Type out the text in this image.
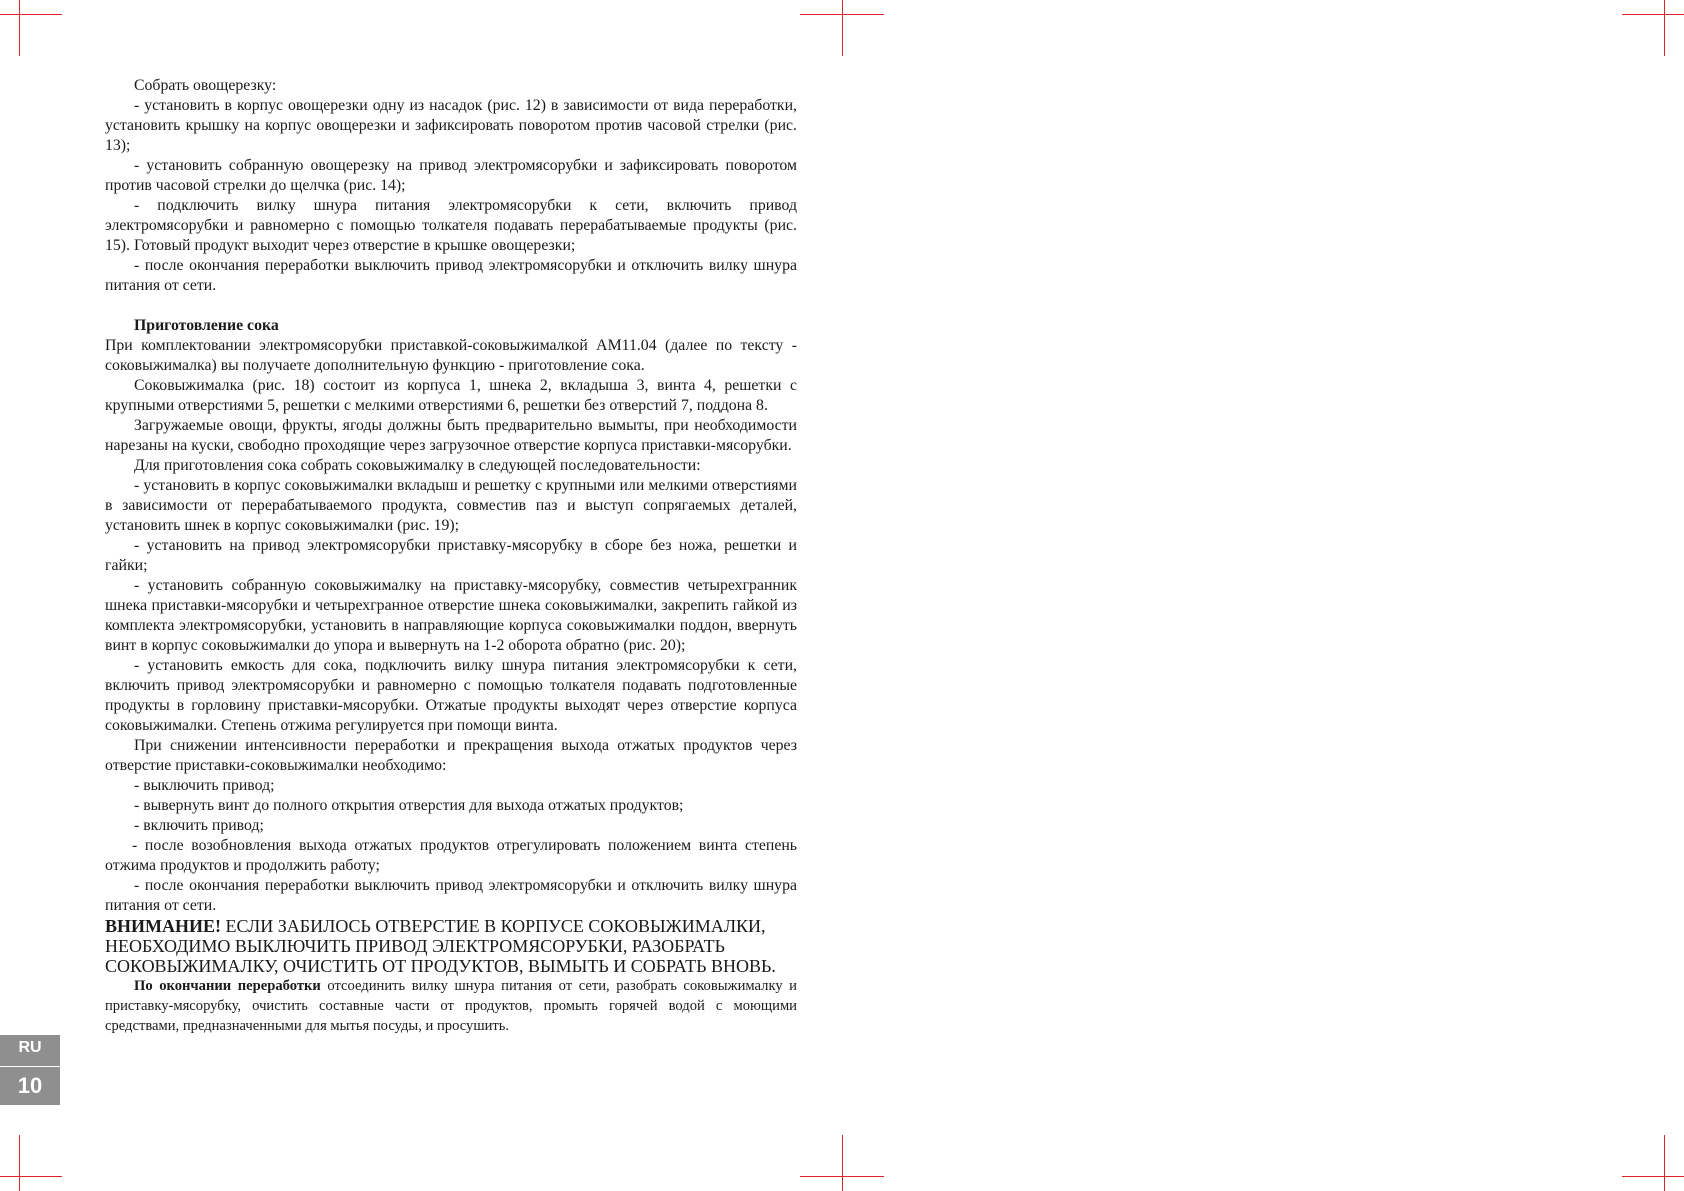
Собрать овощерезку:

- установить в корпус овощерезки одну из насадок (рис. 12) в зависимости от вида переработки, установить крышку на корпус овощерезки и зафиксировать поворотом против часовой стрелки (рис. 13);

- установить собранную овощерезку на привод электромясорубки и зафиксировать поворотом против часовой стрелки до щелчка (рис. 14);

- подключить вилку шнура питания электромясорубки к сети, включить привод электромясорубки и равномерно с помощью толкателя подавать перерабатываемые продукты (рис. 15). Готовый продукт выходит через отверстие в крышке овощерезки;

- после окончания переработки выключить привод электромясорубки и отключить вилку шнура питания от сети.

Приготовление сока

При комплектовании электромясорубки приставкой-соковыжималкой AM11.04 (далее по тексту - соковыжималка) вы получаете дополнительную функцию - приготовление сока.

Соковыжималка (рис. 18) состоит из корпуса 1, шнека 2, вкладыша 3, винта 4, решетки с крупными отверстиями 5, решетки с мелкими отверстиями 6, решетки без отверстий 7, поддона 8.

Загружаемые овощи, фрукты, ягоды должны быть предварительно вымыты, при необходимости нарезаны на куски, свободно проходящие через загрузочное отверстие корпуса приставки-мясорубки.

Для приготовления сока собрать соковыжималку в следующей последовательности:

- установить в корпус соковыжималки вкладыш и решетку с крупными или мелкими отверстиями в зависимости от перерабатываемого продукта, совместив паз и выступ сопрягаемых деталей, установить шнек в корпус соковыжималки (рис. 19);

- установить на привод электромясорубки приставку-мясорубку в сборе без ножа, решетки и гайки;

- установить собранную соковыжималку на приставку-мясорубку, совместив четырехгранник шнека приставки-мясорубки и четырехгранное отверстие шнека соковыжималки, закрепить гайкой из комплекта электромясорубки, установить в направляющие корпуса соковыжималки поддон, ввернуть винт в корпус соковыжималки до упора и вывернуть на 1-2 оборота обратно (рис. 20);

- установить емкость для сока, подключить вилку шнура питания электромясорубки к сети, включить привод электромясорубки и равномерно с помощью толкателя подавать подготовленные продукты в горловину приставки-мясорубки. Отжатые продукты выходят через отверстие корпуса соковыжималки. Степень отжима регулируется при помощи винта.

При снижении интенсивности переработки и прекращения выхода отжатых продуктов через отверстие приставки-соковыжималки необходимо:

- выключить привод;

- вывернуть винт до полного открытия отверстия для выхода отжатых продуктов;

- включить привод;

- после возобновления выхода отжатых продуктов отрегулировать положением винта степень отжима продуктов и продолжить работу;

- после окончания переработки выключить привод электромясорубки и отключить вилку шнура питания от сети.

ВНИМАНИЕ! ЕСЛИ ЗАБИЛОСЬ ОТВЕРСТИЕ В КОРПУСЕ СОКОВЫЖИМАЛКИ, НЕОБХОДИМО ВЫКЛЮЧИТЬ ПРИВОД ЭЛЕКТРОМЯСОРУБКИ, РАЗОБРАТЬ СОКОВЫЖИМАЛКУ, ОЧИСТИТЬ ОТ ПРОДУКТОВ, ВЫМЫТЬ И СОБРАТЬ ВНОВЬ.

По окончании переработки отсоединить вилку шнура питания от сети, разобрать соковыжималку и приставку-мясорубку, очистить составные части от продуктов, промыть горячей водой с моющими средствами, предназначенными для мытья посуды, и просушить.

RU
10
